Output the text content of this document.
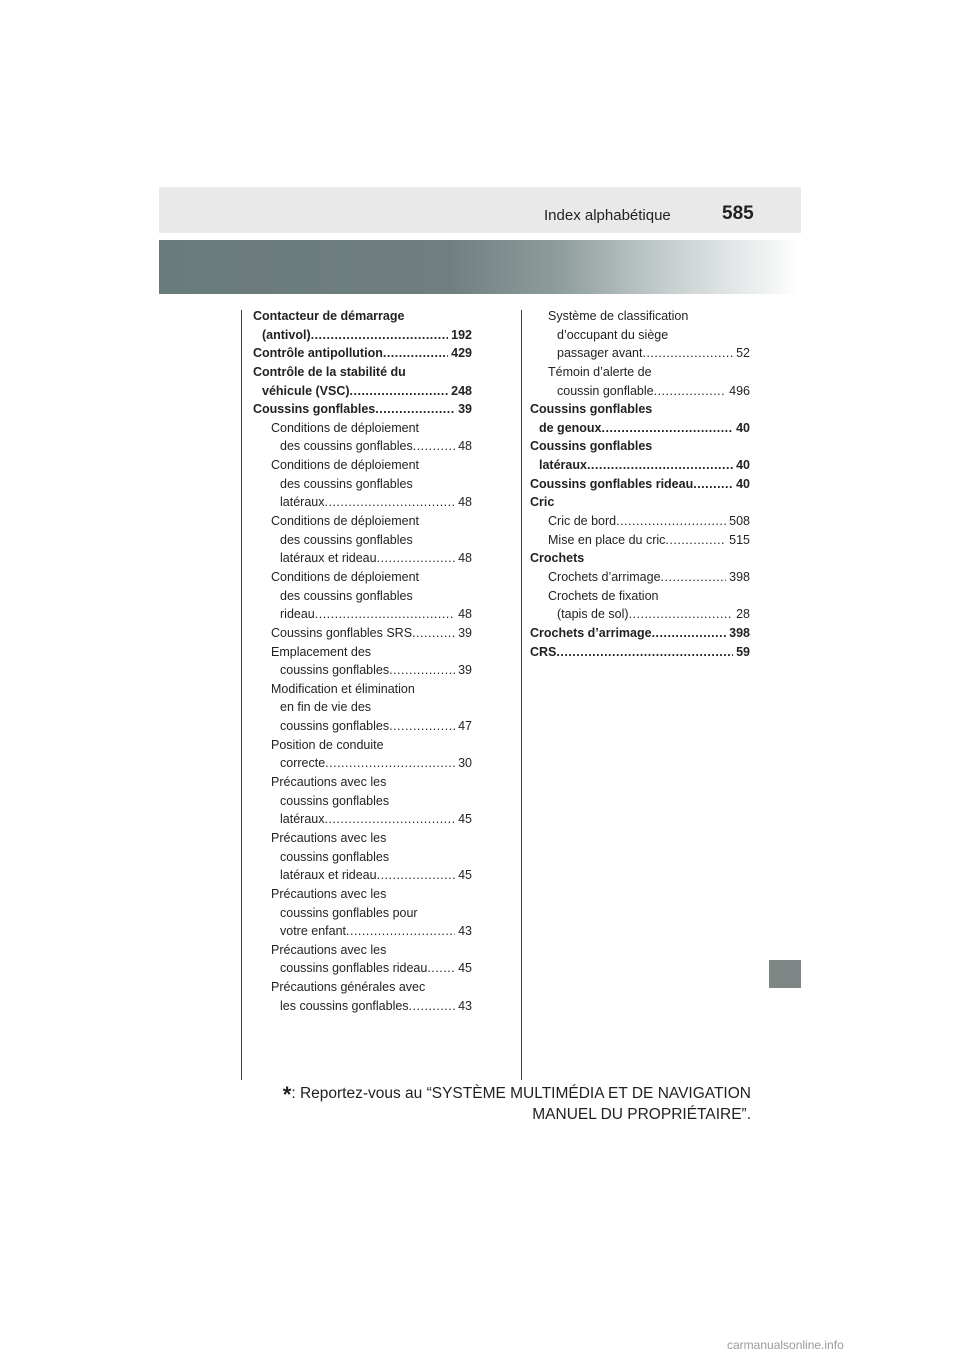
Index alphabétique	585
Contacteur de démarrage
(antivol) .....	192
Contrôle antipollution .....	429
Contrôle de la stabilité du
véhicule (VSC) .....	248
Coussins gonflables .....	39
Conditions de déploiement
des coussins gonflables .....	48
Conditions de déploiement
des coussins gonflables
latéraux .....	48
Conditions de déploiement
des coussins gonflables
latéraux et rideau .....	48
Conditions de déploiement
des coussins gonflables
rideau .....	48
Coussins gonflables SRS .....	39
Emplacement des
coussins gonflables .....	39
Modification et élimination
en fin de vie des
coussins gonflables .....	47
Position de conduite
correcte .....	30
Précautions avec les
coussins gonflables
latéraux .....	45
Précautions avec les
coussins gonflables
latéraux et rideau .....	45
Précautions avec les
coussins gonflables pour
votre enfant .....	43
Précautions avec les
coussins gonflables rideau ..... 45
Précautions générales avec
les coussins gonflables .....	43
Système de classification
d’occupant du siège
passager avant .....	52
Témoin d’alerte de
coussin gonflable .....	496
Coussins gonflables
de genoux .....	40
Coussins gonflables
latéraux .....	40
Coussins gonflables rideau .....	40
Cric
Cric de bord .....	508
Mise en place du cric .....	515
Crochets
Crochets d’arrimage .....	398
Crochets de fixation
(tapis de sol) .....	28
Crochets d’arrimage .....	398
CRS .....	59
*: Reportez-vous au “SYSTÈME MULTIMÉDIA ET DE NAVIGATION
MANUEL DU PROPRIÉTAIRE”.
carmanualsonline.info
